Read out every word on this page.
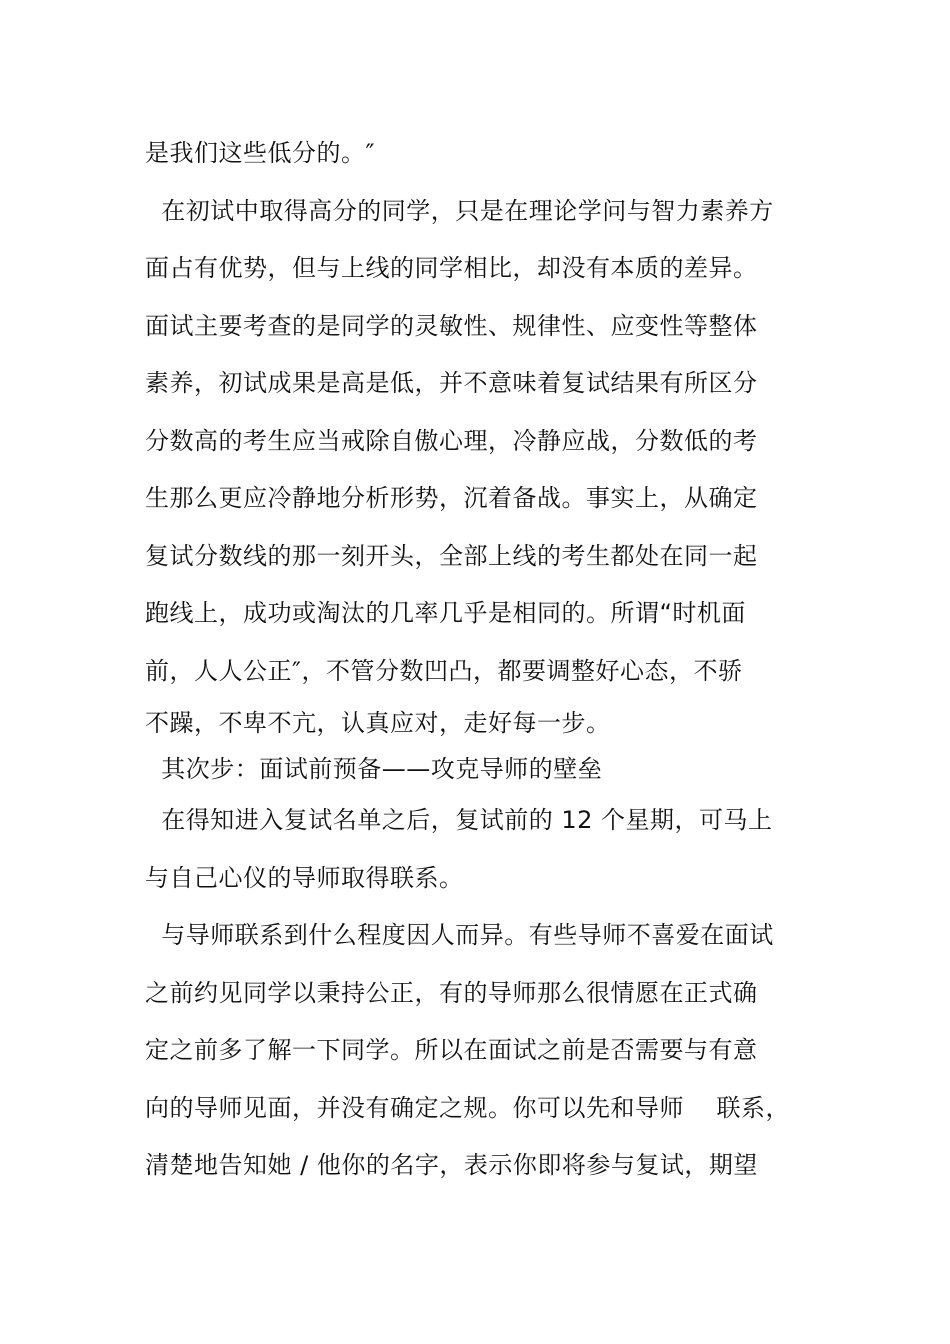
是我们这些低分的。″
在初试中取得高分的同学，只是在理论学问与智力素养方
面占有优势，但与上线的同学相比，却没有本质的差异。
面试主要考查的是同学的灵敏性、规律性、应变性等整体
素养，初试成果是高是低，并不意味着复试结果有所区分
分数高的考生应当戒除自傲心理，冷静应战，分数低的考
生那么更应冷静地分析形势，沉着备战。事实上，从确定
复试分数线的那一刻开头，全部上线的考生都处在同一起
跑线上，成功或淘汰的几率几乎是相同的。所谓“时机面
前，人人公正″，不管分数凹凸，都要调整好心态，不骄
不躁，不卑不亢，认真应对，走好每一步。
其次步：面试前预备——攻克导师的壁垒
在得知进入复试名单之后，复试前的 12 个星期，可马上
与自己心仪的导师取得联系。
与导师联系到什么程度因人而异。有些导师不喜爱在面试
之前约见同学以秉持公正，有的导师那么很情愿在正式确
定之前多了解一下同学。所以在面试之前是否需要与有意
向的导师见面，并没有确定之规。你可以先和导师    联系，
清楚地告知她 / 他你的名字，表示你即将参与复试，期望
